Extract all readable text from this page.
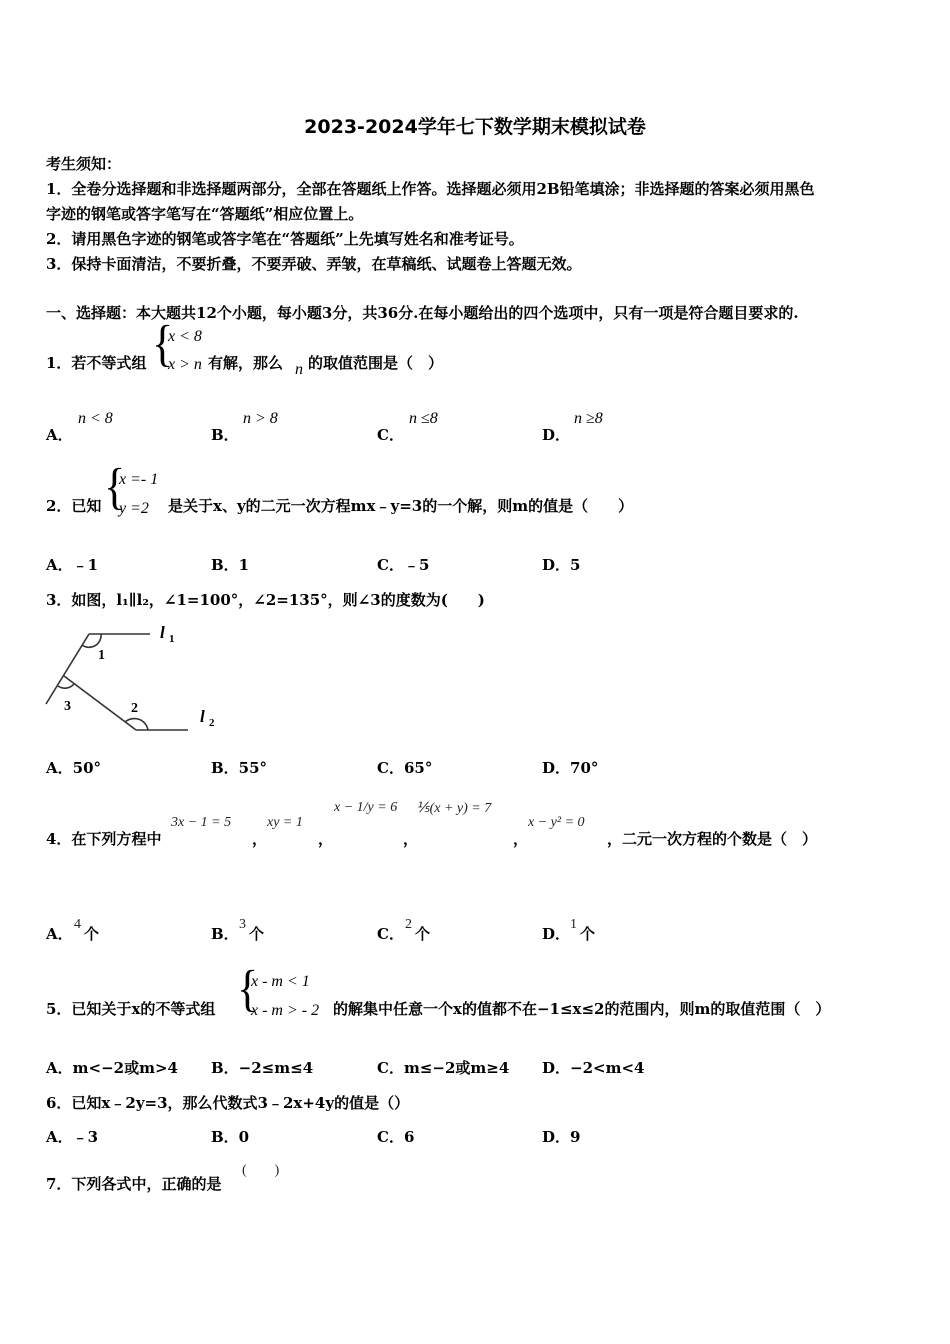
2023-2024学年七下数学期末模拟试卷
考生须知：
1．全卷分选择题和非选择题两部分，全部在答题纸上作答。选择题必须用2B铅笔填涂；非选择题的答案必须用黑色
字迹的钢笔或答字笔写在“答题纸”相应位置上。
2．请用黑色字迹的钢笔或答字笔在“答题纸”上先填写姓名和准考证号。
3．保持卡面清洁，不要折叠，不要弄破、弄皱，在草稿纸、试题卷上答题无效。
一、选择题：本大题共12个小题，每小题3分，共36分.在每小题给出的四个选项中，只有一项是符合题目要求的.
1．若不等式组 {
x < 8
x > n 有解，那么 n 的取值范围是（　）
A．
n < 8
B．
n > 8
C．
n ≤8
D．
n ≥8
2．已知 {
x =- 1
y =2 是关于x、y的二元一次方程mx﹣y=3的一个解，则m的值是（　　）
A．﹣1	B．1	C．﹣5	D．5
3．如图，l₁∥l₂，∠1=100°，∠2=135°，则∠3的度数为(　　)
l 1
l 2
1
3	2
A．50°	B．55°	C．65°	D．70°
4．在下列方程中
3x − 1 = 5
，
xy = 1
，
x − 1/y = 6
，
⅕(x + y) = 7
，
x − y² = 0
，二元一次方程的个数是（　）
A．
4
个	B．
3
个	C．
2
个	D．
1
个
5．已知关于x的不等式组 {
x - m < 1
x - m > - 2 的解集中任意一个x的值都不在−1≤x≤2的范围内，则m的取值范围（　）
A．m<−2或m>4 B．−2≤m≤4	C．m≤−2或m≥4 D．−2<m<4
6．已知x﹣2y=3，那么代数式3﹣2x+4y的值是（）
A．﹣3	B．0	C．6	D．9
7．下列各式中，正确的是
(　　)
